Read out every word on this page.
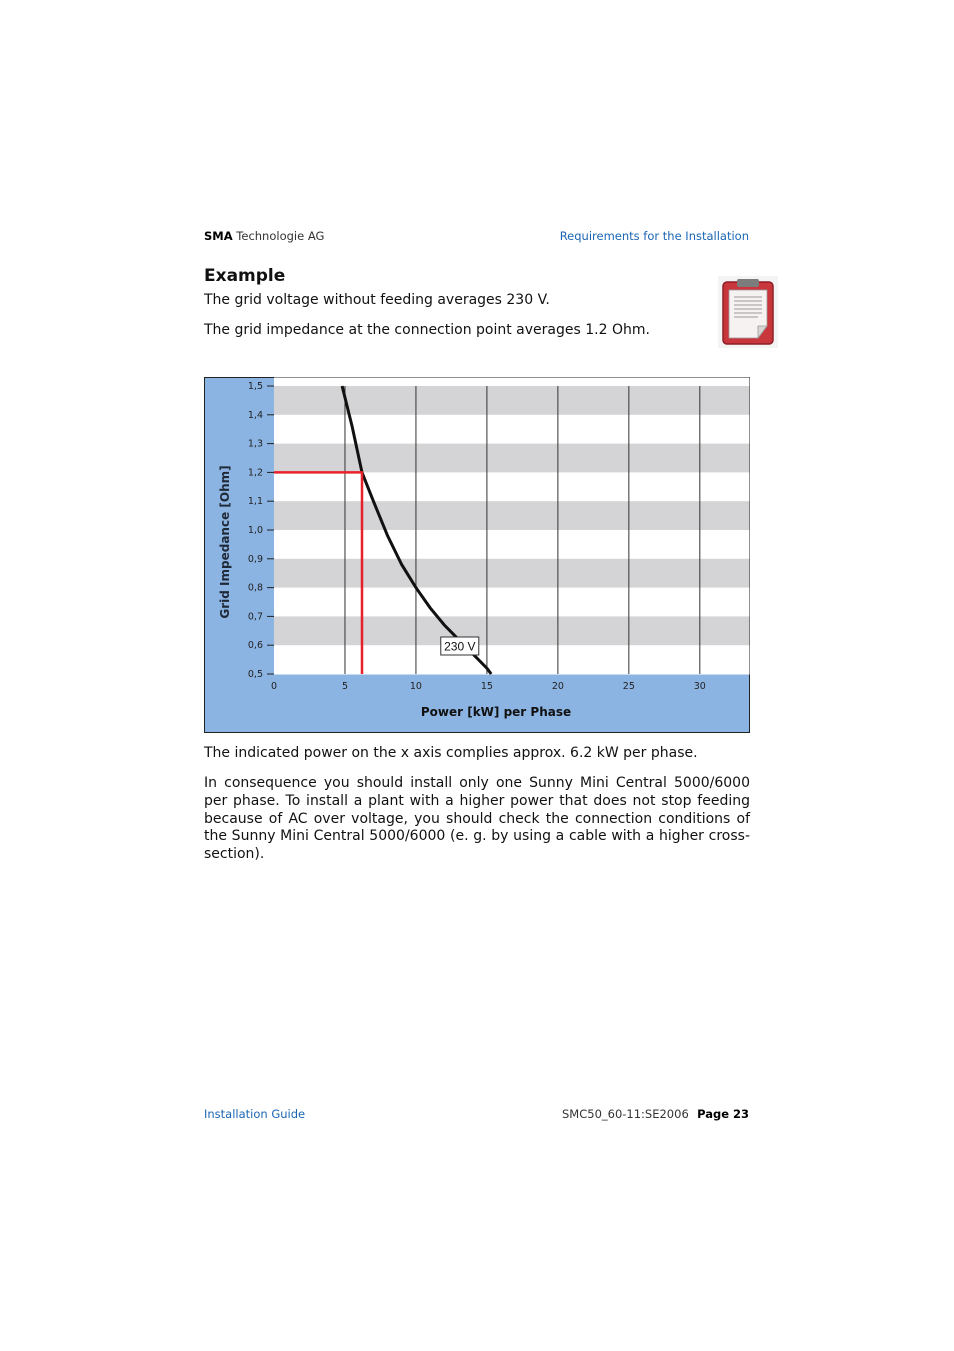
SMA Technologie AG	Requirements for the Installation
Example

The grid voltage without feeding averages 230 V.

The grid impedance at the connection point averages 1.2 Ohm.

0,5
0,6
0,7
0,8
0,9
1,0
1,1
1,2
1,3
1,4
1,5
0	5	10	15	20	25	30
230 V
Grid Impedance [Ohm]
Power [kW] per Phase

The indicated power on the x axis complies approx. 6.2 kW per phase.

In consequence you should install only one Sunny Mini Central 5000/6000 per phase. To install a plant with a higher power that does not stop feeding because of AC over voltage, you should check the connection conditions of the Sunny Mini Central 5000/6000 (e. g. by using a cable with a higher cross-section).

Installation Guide	SMC50_60-11:SE2006 Page 23
